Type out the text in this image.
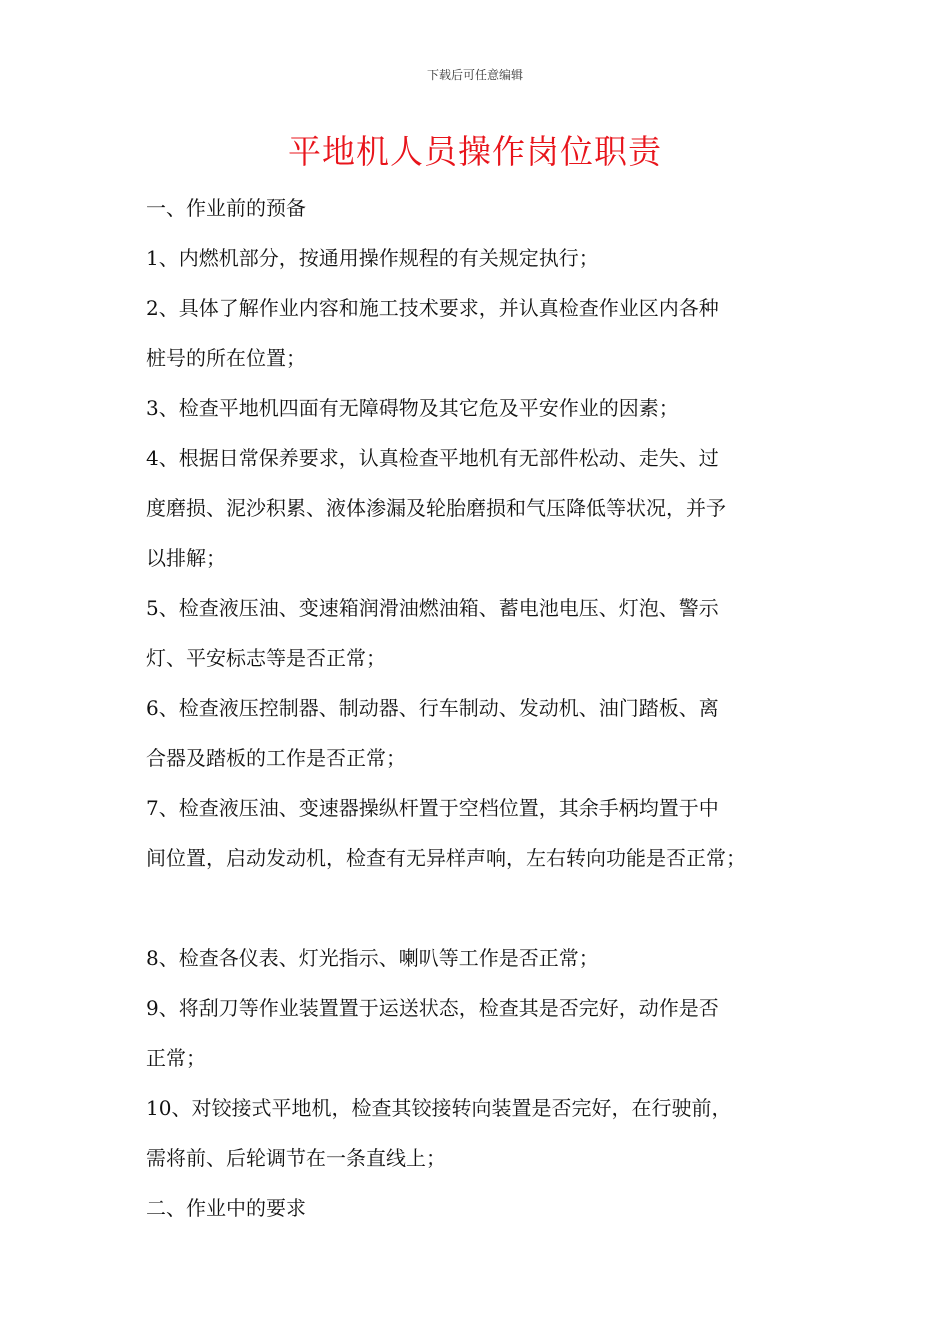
下载后可任意编辑
平地机人员操作岗位职责
一、作业前的预备
1、内燃机部分，按通用操作规程的有关规定执行；
2、具体了解作业内容和施工技术要求，并认真检查作业区内各种
桩号的所在位置；
3、检查平地机四面有无障碍物及其它危及平安作业的因素；
4、根据日常保养要求，认真检查平地机有无部件松动、走失、过
度磨损、泥沙积累、液体渗漏及轮胎磨损和气压降低等状况，并予
以排解；
5、检查液压油、变速箱润滑油燃油箱、蓄电池电压、灯泡、警示
灯、平安标志等是否正常；
6、检查液压控制器、制动器、行车制动、发动机、油门踏板、离
合器及踏板的工作是否正常；
7、检查液压油、变速器操纵杆置于空档位置，其余手柄均置于中
间位置，启动发动机，检查有无异样声响，左右转向功能是否正常；
8、检查各仪表、灯光指示、喇叭等工作是否正常；
9、将刮刀等作业装置置于运送状态，检查其是否完好，动作是否
正常；
10、对铰接式平地机，检查其铰接转向装置是否完好，在行驶前，
需将前、后轮调节在一条直线上；
二、作业中的要求
